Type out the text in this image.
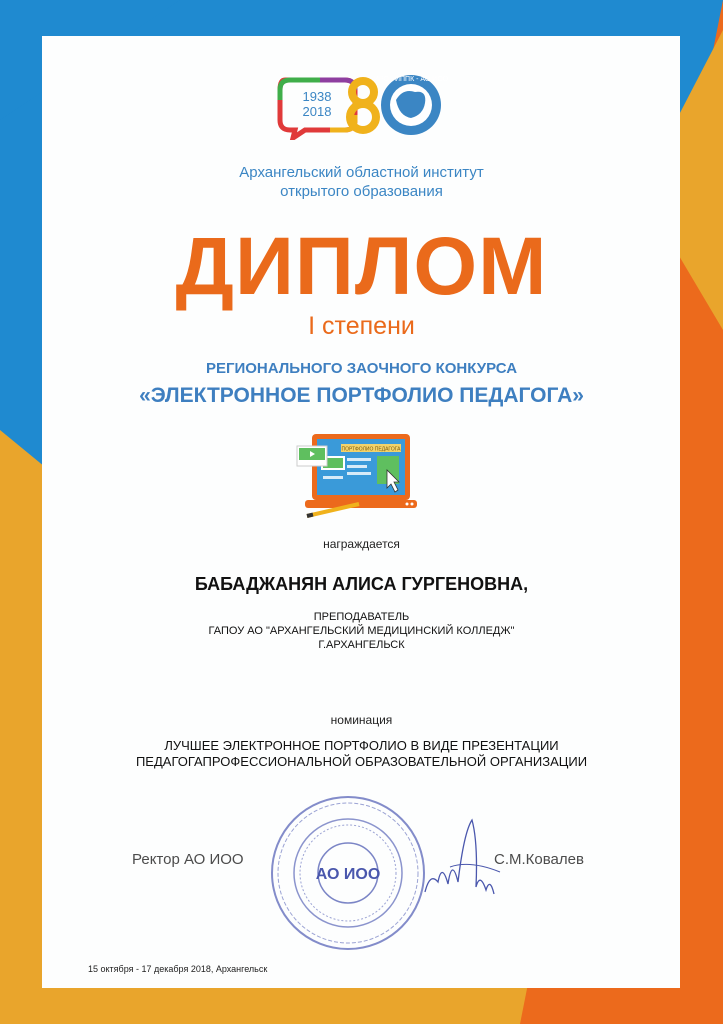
1938
2018
ИРО - ИППК - АО ИОО
Архангельский областной институт
открытого образования
ДИПЛОМ
I степени
РЕГИОНАЛЬНОГО ЗАОЧНОГО КОНКУРСА
«ЭЛЕКТРОННОЕ ПОРТФОЛИО ПЕДАГОГА»
ПОРТФОЛИО ПЕДАГОГА
награждается
БАБАДЖАНЯН АЛИСА ГУРГЕНОВНА,
ПРЕПОДАВАТЕЛЬ
ГАПОУ АО "АРХАНГЕЛЬСКИЙ МЕДИЦИНСКИЙ КОЛЛЕДЖ"
Г.АРХАНГЕЛЬСК
номинация
ЛУЧШЕЕ ЭЛЕКТРОННОЕ ПОРТФОЛИО В ВИДЕ ПРЕЗЕНТАЦИИ
ПЕДАГОГАПРОФЕССИОНАЛЬНОЙ ОБРАЗОВАТЕЛЬНОЙ ОРГАНИЗАЦИИ
АО ИОО
Ректор АО ИОО	С.М.Ковалев
15 октября - 17 декабря 2018, Архангельск
